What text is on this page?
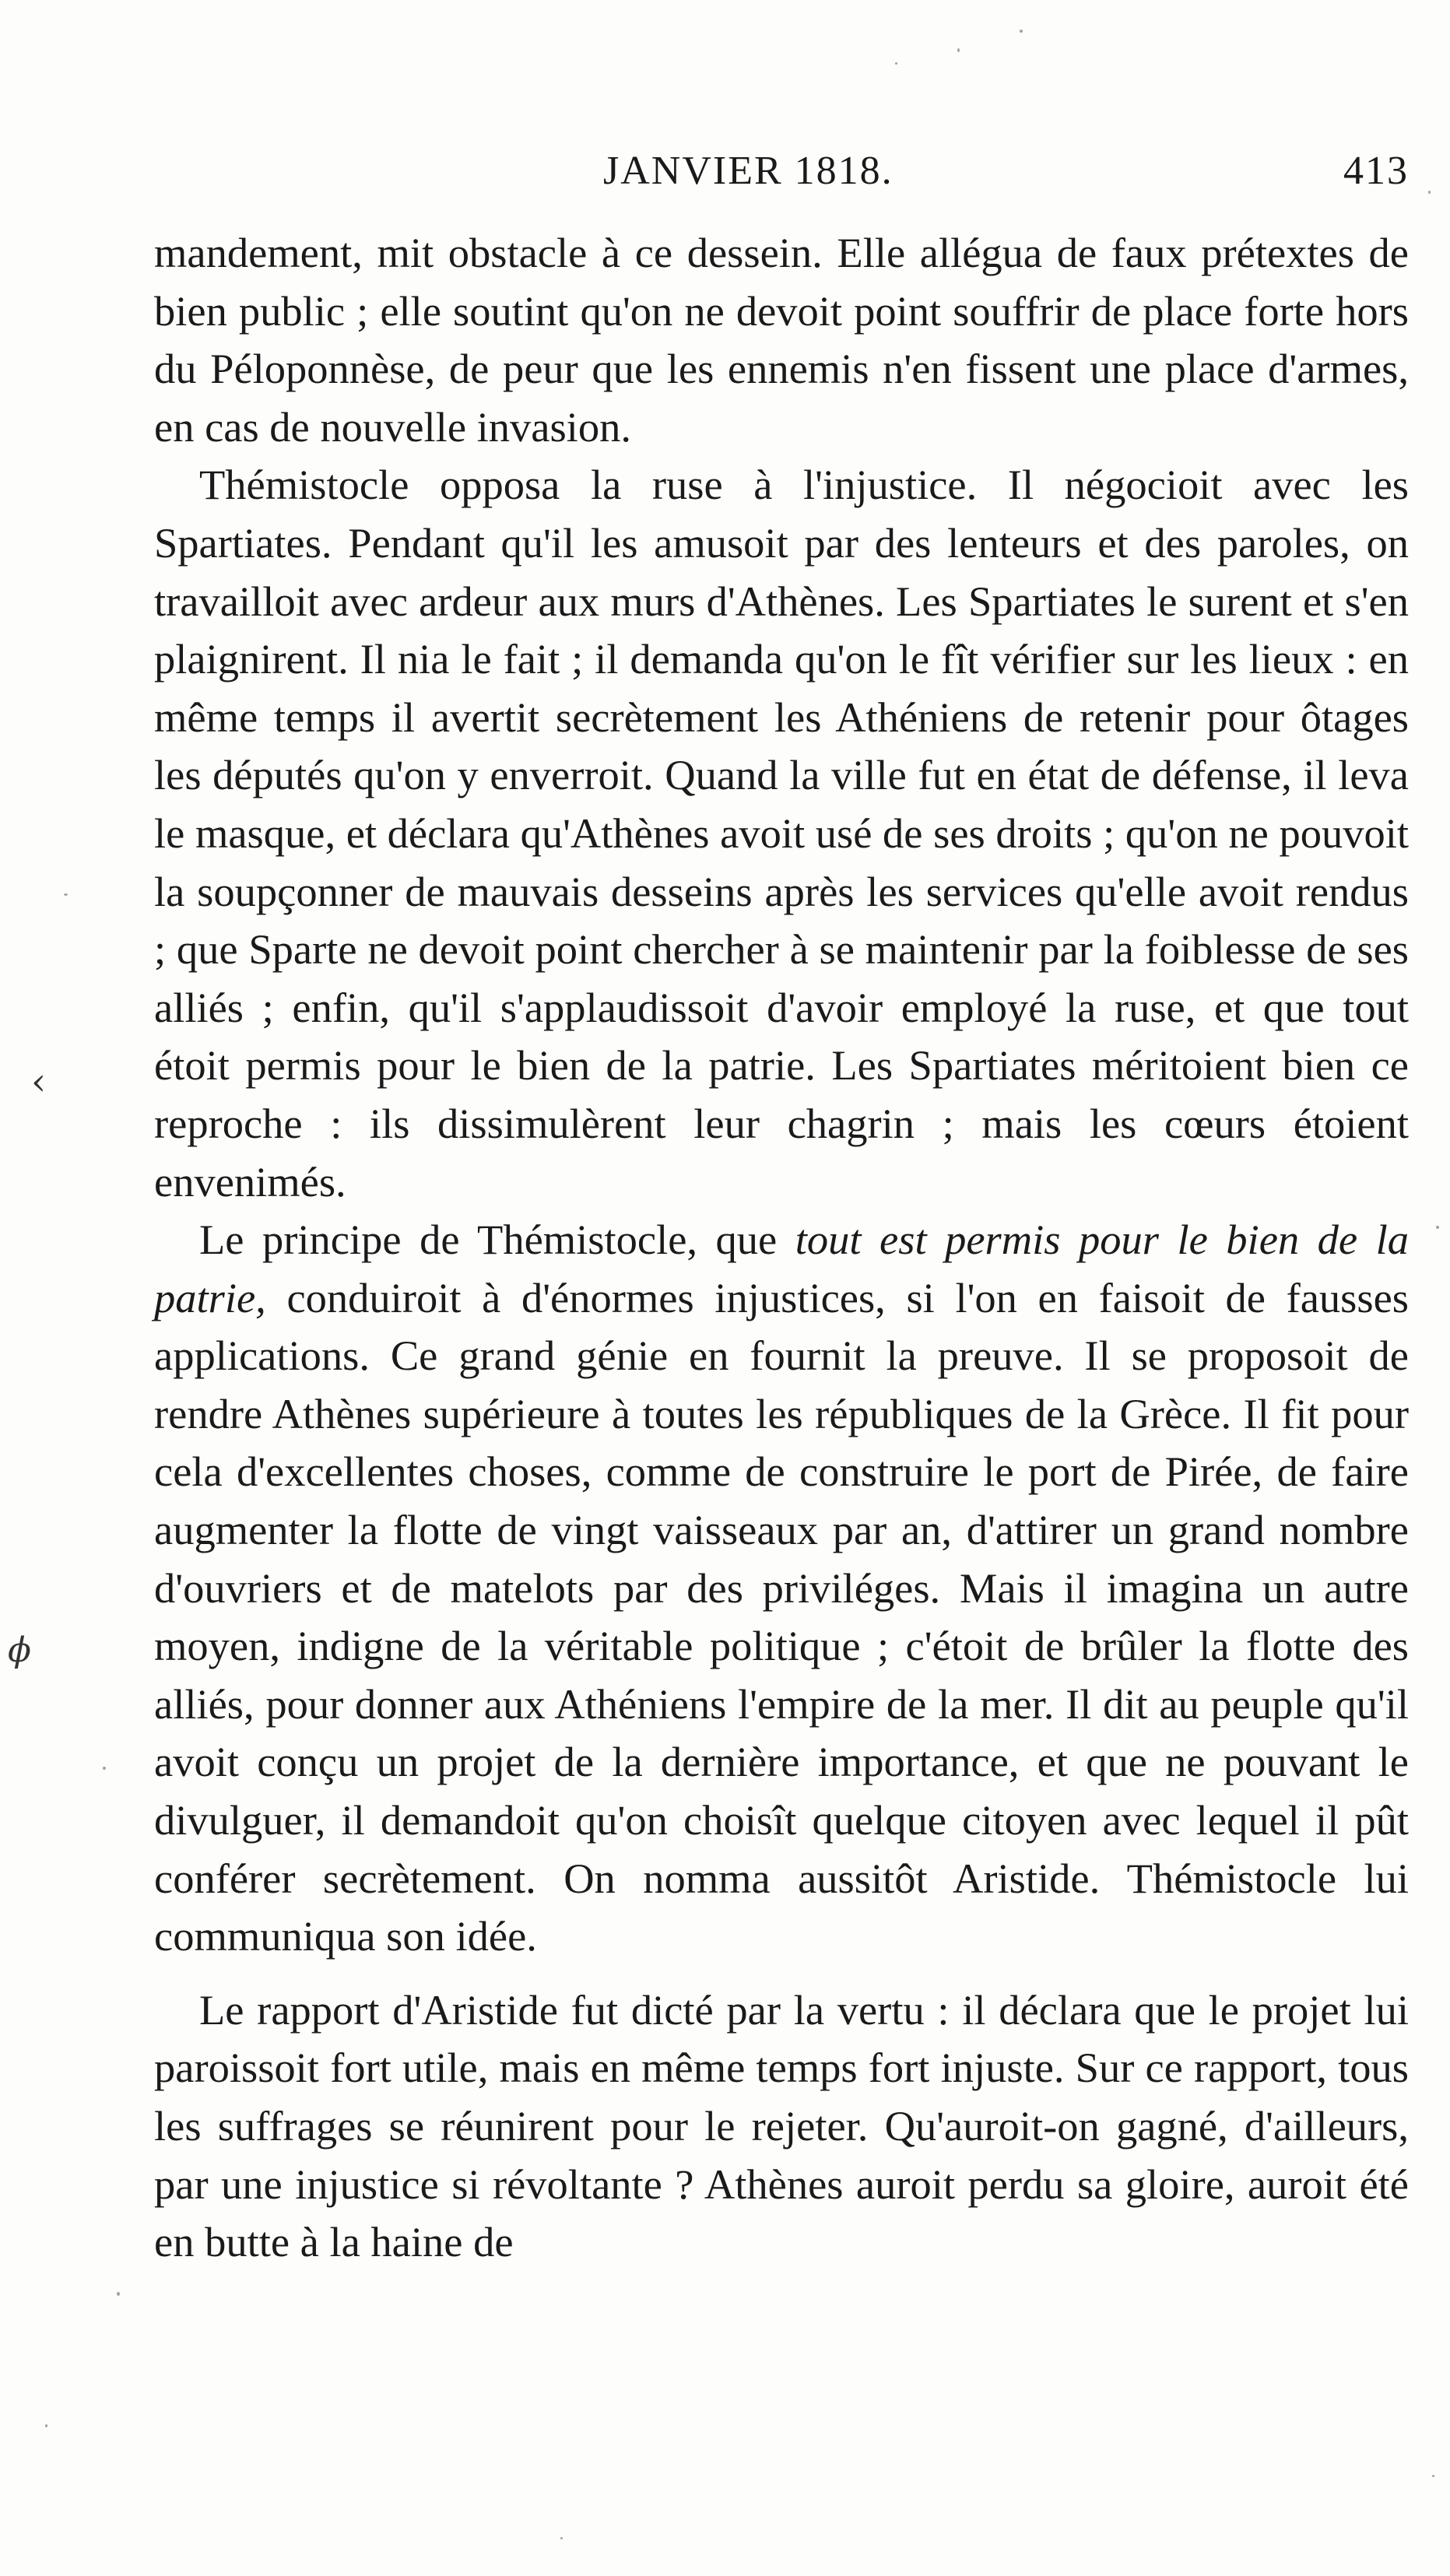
JANVIER 1818.	413

mandement, mit obstacle à ce dessein. Elle allégua de faux prétextes de bien public ; elle soutint qu'on ne devoit point souffrir de place forte hors du Péloponnèse, de peur que les ennemis n'en fissent une place d'armes, en cas de nouvelle invasion.

Thémistocle opposa la ruse à l'injustice. Il négocioit avec les Spartiates. Pendant qu'il les amusoit par des lenteurs et des paroles, on travailloit avec ardeur aux murs d'Athènes. Les Spartiates le surent et s'en plaignirent. Il nia le fait ; il demanda qu'on le fît vérifier sur les lieux : en même temps il avertit secrètement les Athéniens de retenir pour ôtages les députés qu'on y enverroit. Quand la ville fut en état de défense, il leva le masque, et déclara qu'Athènes avoit usé de ses droits ; qu'on ne pouvoit la soupçonner de mauvais desseins après les services qu'elle avoit rendus ; que Sparte ne devoit point chercher à se maintenir par la foiblesse de ses alliés ; enfin, qu'il s'applaudissoit d'avoir employé la ruse, et que tout étoit permis pour le bien de la patrie. Les Spartiates méritoient bien ce reproche : ils dissimulèrent leur chagrin ; mais les cœurs étoient envenimés.

Le principe de Thémistocle, que tout est permis pour le bien de la patrie, conduiroit à d'énormes injustices, si l'on en faisoit de fausses applications. Ce grand génie en fournit la preuve. Il se proposoit de rendre Athènes supérieure à toutes les républiques de la Grèce. Il fit pour cela d'excellentes choses, comme de construire le port de Pirée, de faire augmenter la flotte de vingt vaisseaux par an, d'attirer un grand nombre d'ouvriers et de matelots par des priviléges. Mais il imagina un autre moyen, indigne de la véritable politique ; c'étoit de brûler la flotte des alliés, pour donner aux Athéniens l'empire de la mer. Il dit au peuple qu'il avoit conçu un projet de la dernière importance, et que ne pouvant le divulguer, il demandoit qu'on choisît quelque citoyen avec lequel il pût conférer secrètement. On nomma aussitôt Aristide. Thémistocle lui communiqua son idée.

Le rapport d'Aristide fut dicté par la vertu : il déclara que le projet lui paroissoit fort utile, mais en même temps fort injuste. Sur ce rapport, tous les suffrages se réunirent pour le rejeter. Qu'auroit-on gagné, d'ailleurs, par une injustice si révoltante ? Athènes auroit perdu sa gloire, auroit été en butte à la haine de

‹
ϕ
